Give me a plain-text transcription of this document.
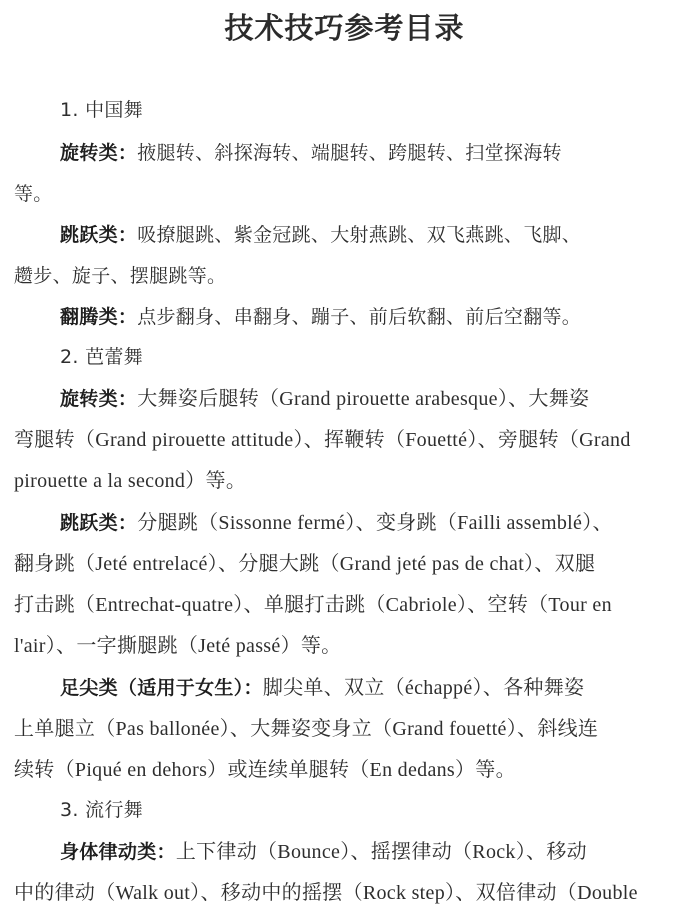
技术技巧参考目录
1. 中国舞
旋转类：掖腿转、斜探海转、端腿转、跨腿转、扫堂探海转
等。
跳跃类：吸撩腿跳、紫金冠跳、大射燕跳、双飞燕跳、飞脚、
趱步、旋子、摆腿跳等。
翻腾类：点步翻身、串翻身、蹦子、前后软翻、前后空翻等。
2. 芭蕾舞
旋转类：大舞姿后腿转（Grand pirouette arabesque）、大舞姿
弯腿转（Grand pirouette attitude）、挥鞭转（Fouetté）、旁腿转（Grand
pirouette a la second）等。
跳跃类：分腿跳（Sissonne fermé）、变身跳（Failli assemblé）、
翻身跳（Jeté entrelacé）、分腿大跳（Grand jeté pas de chat）、双腿
打击跳（Entrechat-quatre）、单腿打击跳（Cabriole）、空转（Tour en
l'air）、一字撕腿跳（Jeté passé）等。
足尖类（适用于女生）：脚尖单、双立（échappé）、各种舞姿
上单腿立（Pas ballonée）、大舞姿变身立（Grand fouetté）、斜线连
续转（Piqué en dehors）或连续单腿转（En dedans）等。
3. 流行舞
身体律动类：上下律动（Bounce）、摇摆律动（Rock）、移动
中的律动（Walk out）、移动中的摇摆（Rock step）、双倍律动（Double
